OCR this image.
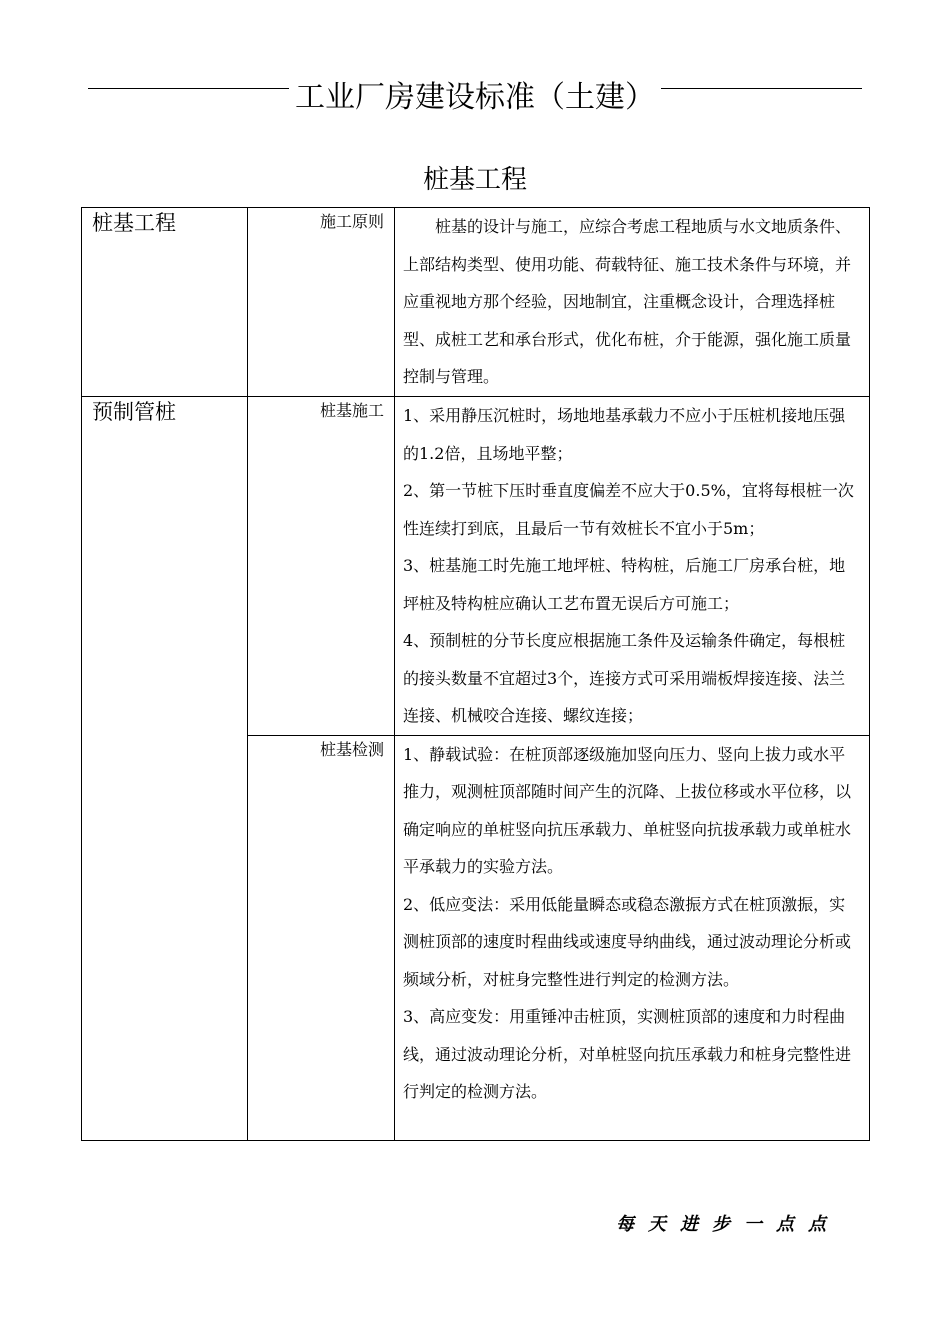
工业厂房建设标准（土建）
桩基工程
桩基工程	施工原则	桩基的设计与施工，应综合考虑工程地质与水文地质条件、上部结构类型、使用功能、荷载特征、施工技术条件与环境，并应重视地方那个经验，因地制宜，注重概念设计，合理选择桩型、成桩工艺和承台形式，优化布桩，介于能源，强化施工质量控制与管理。

预制管桩	桩基施工	1、采用静压沉桩时，场地地基承载力不应小于压桩机接地压强的1.2倍，且场地平整；

2、第一节桩下压时垂直度偏差不应大于0.5%，宜将每根桩一次性连续打到底，且最后一节有效桩长不宜小于5m；

3、桩基施工时先施工地坪桩、特构桩，后施工厂房承台桩，地坪桩及特构桩应确认工艺布置无误后方可施工；

4、预制桩的分节长度应根据施工条件及运输条件确定，每根桩的接头数量不宜超过3个，连接方式可采用端板焊接连接、法兰连接、机械咬合连接、螺纹连接；

	桩基检测	1、静载试验：在桩顶部逐级施加竖向压力、竖向上拔力或水平推力，观测桩顶部随时间产生的沉降、上拔位移或水平位移，以确定响应的单桩竖向抗压承载力、单桩竖向抗拔承载力或单桩水平承载力的实验方法。

2、低应变法：采用低能量瞬态或稳态激振方式在桩顶激振，实测桩顶部的速度时程曲线或速度导纳曲线，通过波动理论分析或频域分析，对桩身完整性进行判定的检测方法。

3、高应变发：用重锤冲击桩顶，实测桩顶部的速度和力时程曲线，通过波动理论分析，对单桩竖向抗压承载力和桩身完整性进行判定的检测方法。

每天进步一点点
